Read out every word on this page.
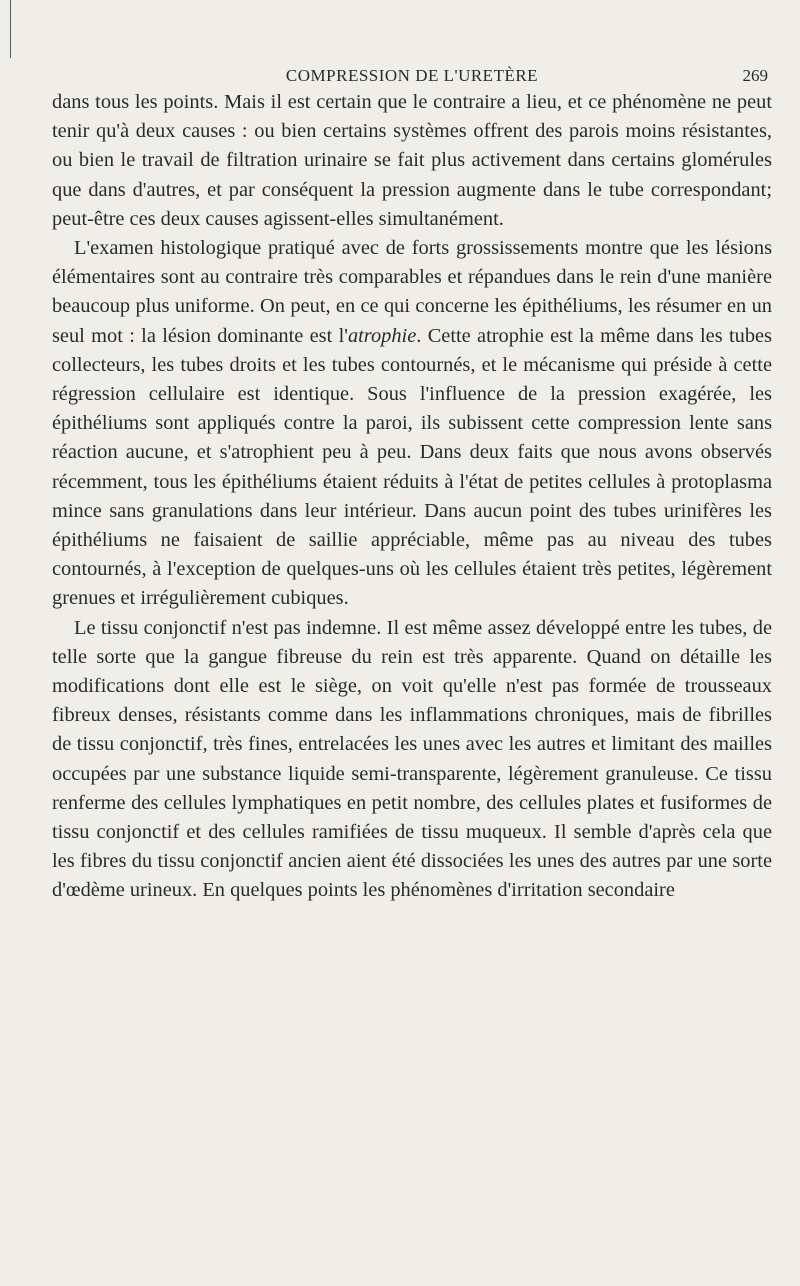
COMPRESSION DE L'URETÈRE	269

dans tous les points. Mais il est certain que le contraire a lieu, et ce phénomène ne peut tenir qu'à deux causes : ou bien certains systèmes offrent des parois moins résistantes, ou bien le travail de filtration urinaire se fait plus activement dans certains glomérules que dans d'autres, et par conséquent la pression augmente dans le tube correspondant; peut-être ces deux causes agissent-elles simultanément.

L'examen histologique pratiqué avec de forts grossissements montre que les lésions élémentaires sont au contraire très comparables et répandues dans le rein d'une manière beaucoup plus uniforme. On peut, en ce qui concerne les épithéliums, les résumer en un seul mot : la lésion dominante est l'atrophie. Cette atrophie est la même dans les tubes collecteurs, les tubes droits et les tubes contournés, et le mécanisme qui préside à cette régression cellulaire est identique. Sous l'influence de la pression exagérée, les épithéliums sont appliqués contre la paroi, ils subissent cette compression lente sans réaction aucune, et s'atrophient peu à peu. Dans deux faits que nous avons observés récemment, tous les épithéliums étaient réduits à l'état de petites cellules à protoplasma mince sans granulations dans leur intérieur. Dans aucun point des tubes urinifères les épithéliums ne faisaient de saillie appréciable, même pas au niveau des tubes contournés, à l'exception de quelques-uns où les cellules étaient très petites, légèrement grenues et irrégulièrement cubiques.

Le tissu conjonctif n'est pas indemne. Il est même assez développé entre les tubes, de telle sorte que la gangue fibreuse du rein est très apparente. Quand on détaille les modifications dont elle est le siège, on voit qu'elle n'est pas formée de trousseaux fibreux denses, résistants comme dans les inflammations chroniques, mais de fibrilles de tissu conjonctif, très fines, entrelacées les unes avec les autres et limitant des mailles occupées par une substance liquide semi-transparente, légèrement granuleuse. Ce tissu renferme des cellules lymphatiques en petit nombre, des cellules plates et fusiformes de tissu conjonctif et des cellules ramifiées de tissu muqueux. Il semble d'après cela que les fibres du tissu conjonctif ancien aient été dissociées les unes des autres par une sorte d'œdème urineux. En quelques points les phénomènes d'irritation secondaire
